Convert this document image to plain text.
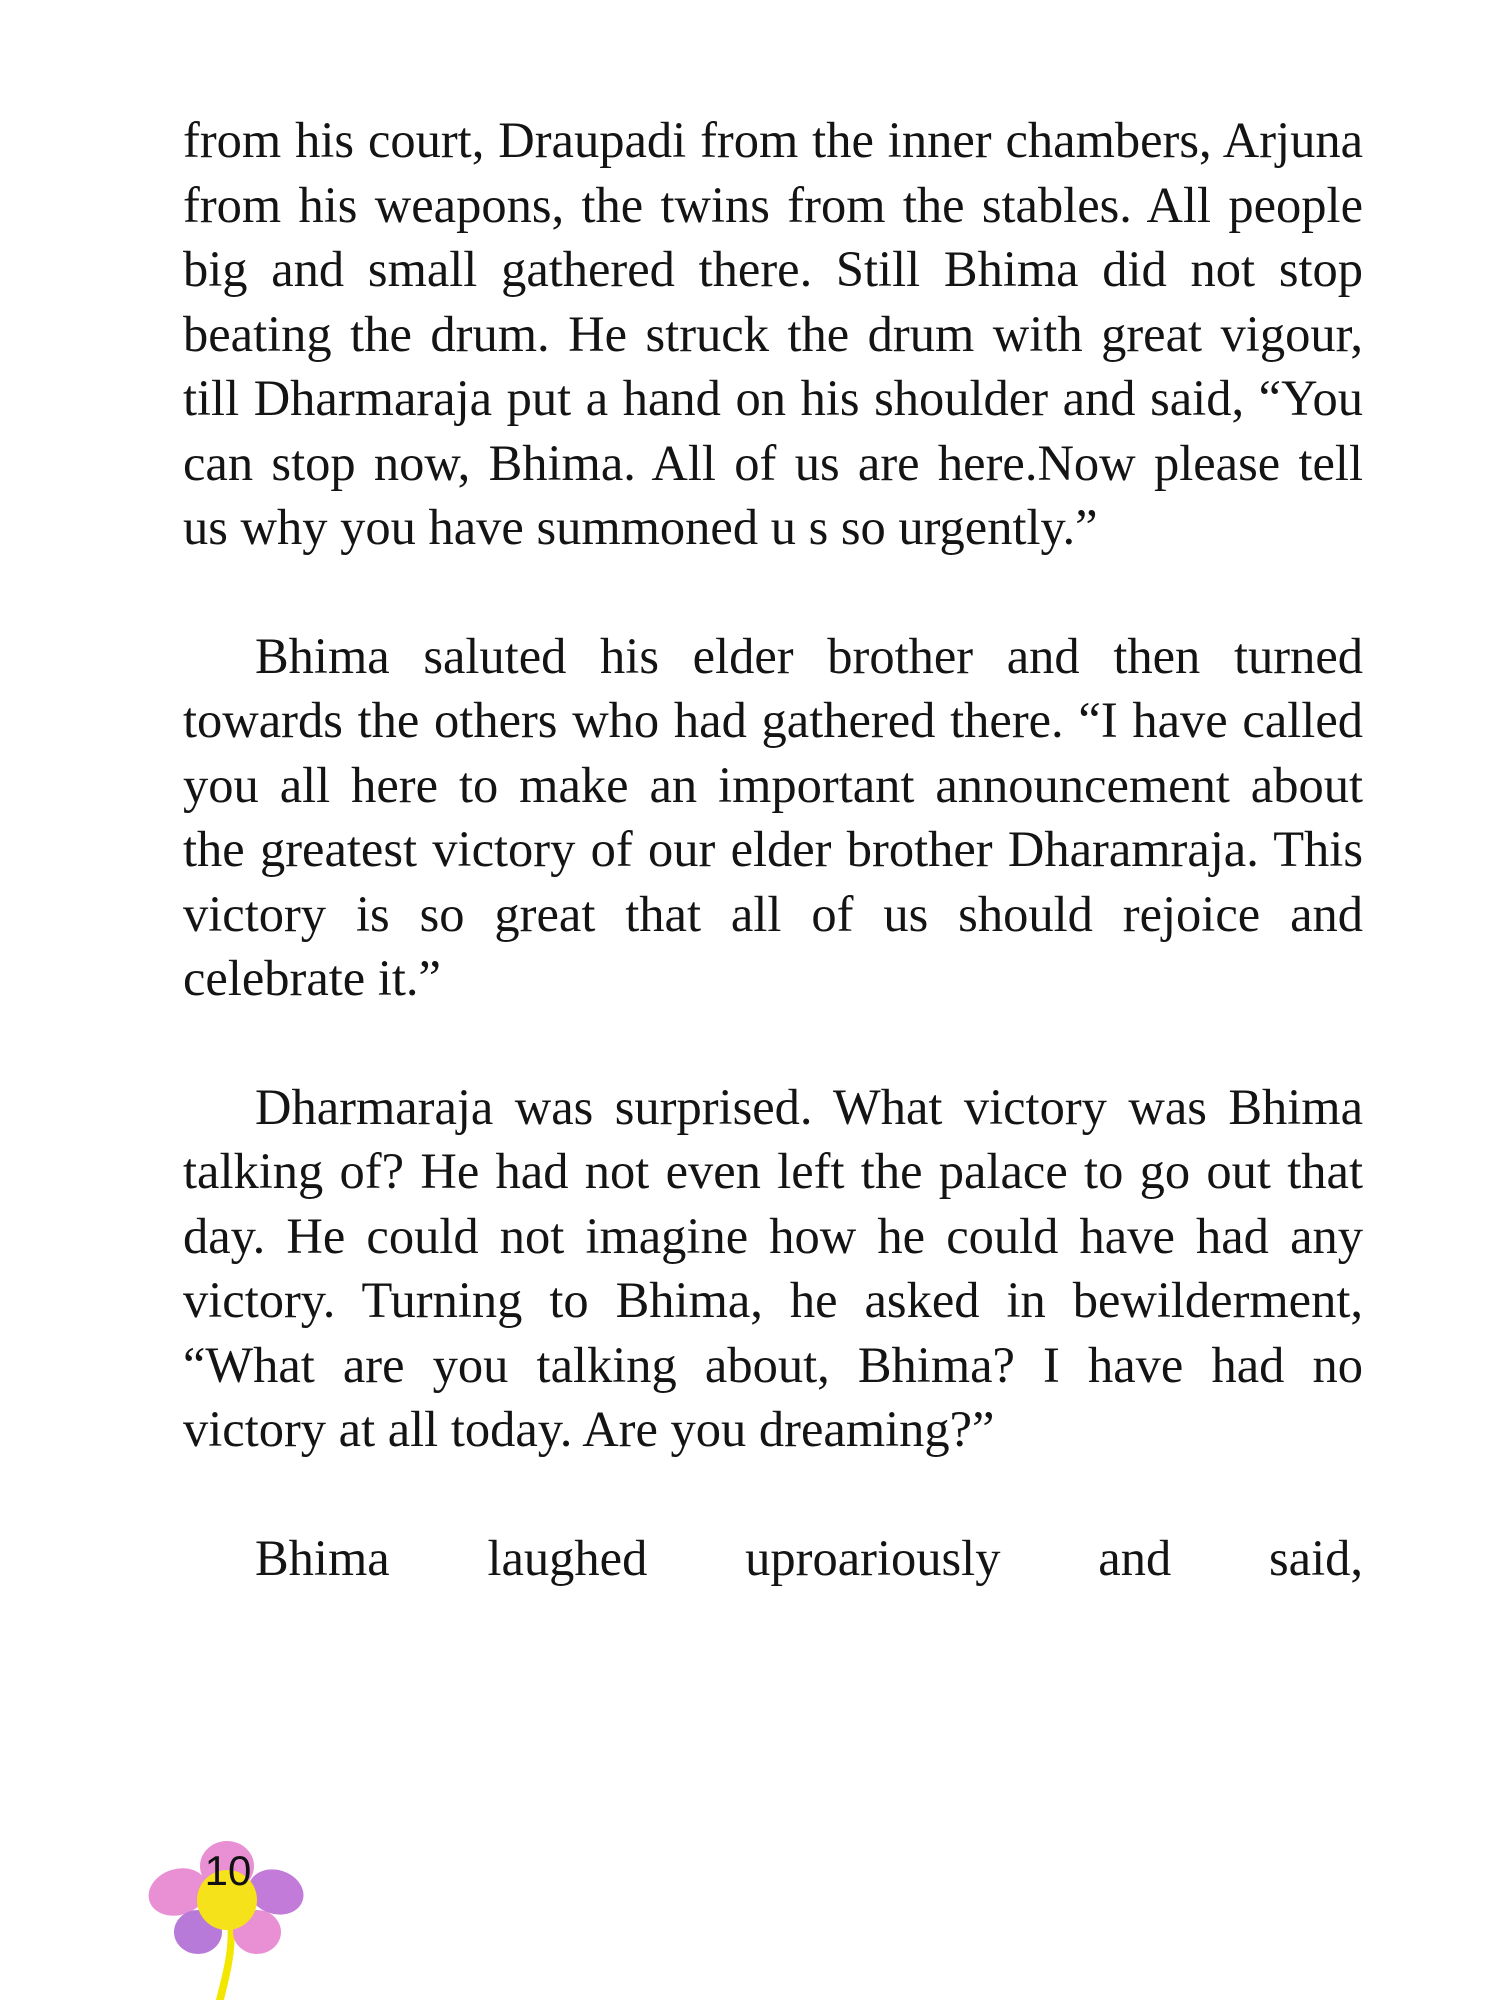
from his court, Draupadi from the inner chambers, Arjuna from his weapons, the twins from the stables. All people big and small gathered there. Still Bhima did not stop beating the drum. He struck the drum with great vigour, till Dharmaraja put a hand on his shoulder and said, “You can stop now, Bhima. All of us are here.Now please tell us why you have summoned u s so urgently.”

Bhima saluted his elder brother and then turned towards the others who had gathered there. “I have called you all here to make an important announcement about the greatest victory of our elder brother Dharamraja. This victory is so great that all of us should rejoice and celebrate it.”

Dharmaraja was surprised. What victory was Bhima talking of? He had not even left the palace to go out that day. He could not imagine how he could have had any victory. Turning to Bhima, he asked in bewilderment, “What are you talking about, Bhima? I have had no victory at all today. Are you dreaming?”

Bhima laughed uproariously and said,

10
